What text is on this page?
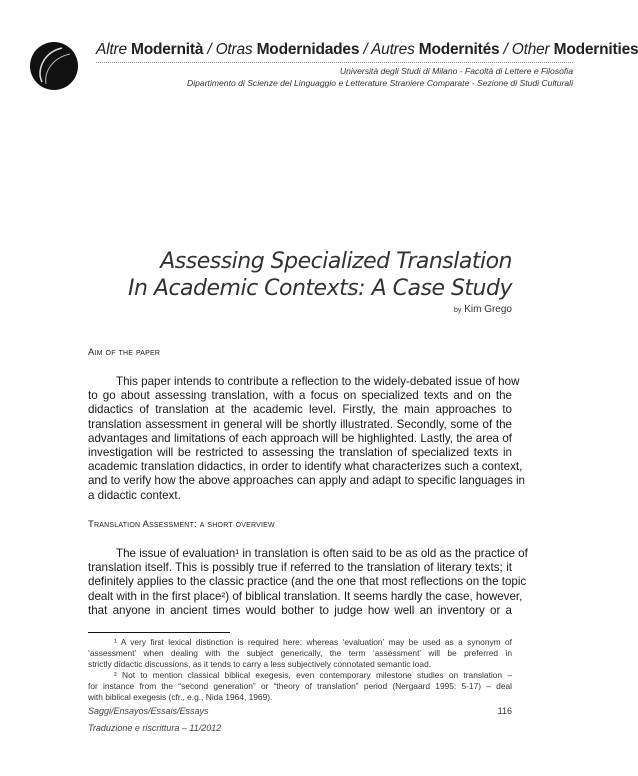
Altre Modernità / Otras Modernidades / Autres Modernités / Other Modernities
Università degli Studi di Milano - Facoltà di Lettere e Filosofia
Dipartimento di Scienze del Linguaggio e Letterature Straniere Comparate - Sezione di Studi Culturali
Assessing Specialized Translation
In Academic Contexts: A Case Study
by Kim Grego
Aim of the paper
This paper intends to contribute a reflection to the widely-debated issue of how
to go about assessing translation, with a focus on specialized texts and on the
didactics of translation at the academic level. Firstly, the main approaches to
translation assessment in general will be shortly illustrated. Secondly, some of the
advantages and limitations of each approach will be highlighted. Lastly, the area of
investigation will be restricted to assessing the translation of specialized texts in
academic translation didactics, in order to identify what characterizes such a context,
and to verify how the above approaches can apply and adapt to specific languages in
a didactic context.
Translation Assessment: a short overview
The issue of evaluation¹ in translation is often said to be as old as the practice of
translation itself. This is possibly true if referred to the translation of literary texts; it
definitely applies to the classic practice (and the one that most reflections on the topic
dealt with in the first place²) of biblical translation. It seems hardly the case, however,
that anyone in ancient times would bother to judge how well an inventory or a
¹ A very first lexical distinction is required here: whereas ‘evaluation’ may be used as a synonym of
‘assessment’ when dealing with the subject generically, the term ‘assessment’ will be preferred in
strictly didactic discussions, as it tends to carry a less subjectively connotated semantic load.
² Not to mention classical biblical exegesis, even contemporary milestone studies on translation –
for instance from the “second generation” or “theory of translation” period (Nergaard 1995: 5-17) – deal
with biblical exegesis (cfr., e.g., Nida 1964, 1969).
Saggi/Ensayos/Essais/Essays
Traduzione e riscrittura – 11/2012
116
